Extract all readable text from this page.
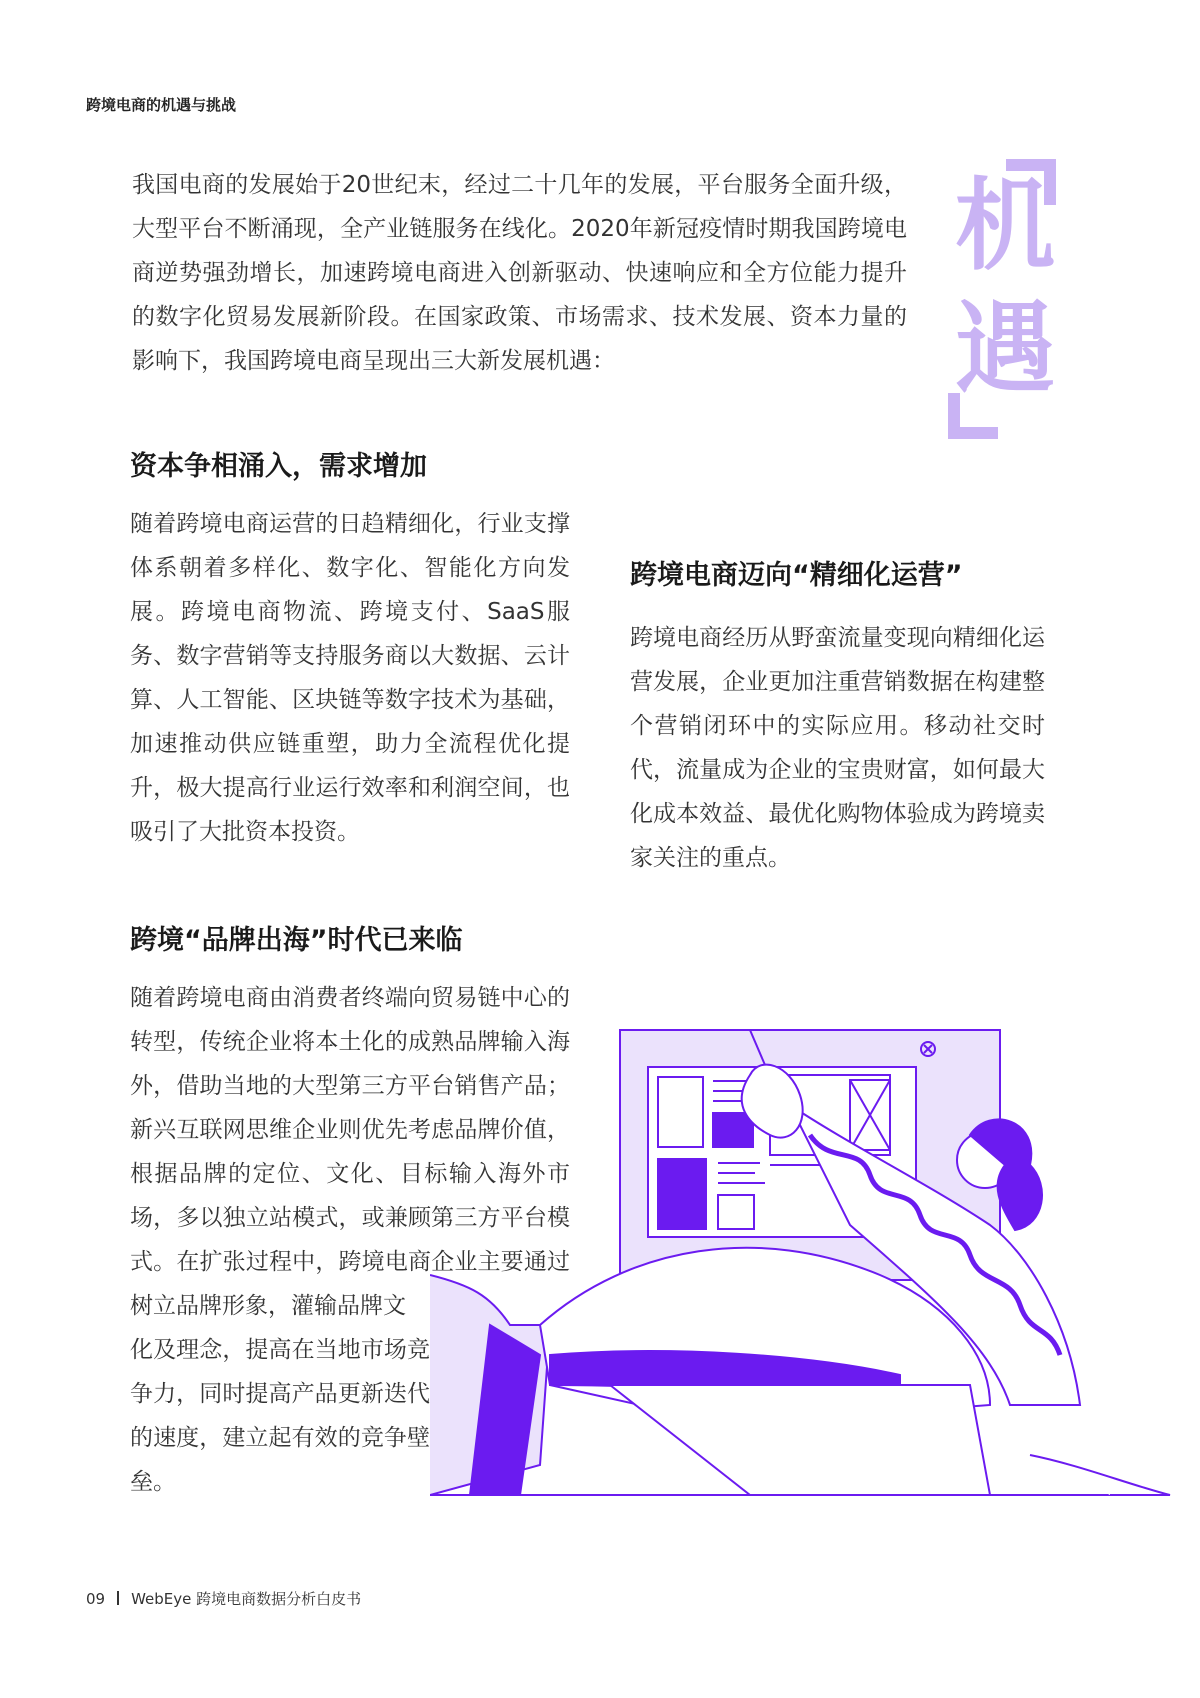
跨境电商的机遇与挑战
我国电商的发展始于20世纪末，经过二十几年的发展，平台服务全面升级，大型平台不断涌现，全产业链服务在线化。2020年新冠疫情时期我国跨境电商逆势强劲增长，加速跨境电商进入创新驱动、快速响应和全方位能力提升的数字化贸易发展新阶段。在国家政策、市场需求、技术发展、资本力量的影响下，我国跨境电商呈现出三大新发展机遇：
机
遇
资本争相涌入，需求增加
随着跨境电商运营的日趋精细化，行业支撑体系朝着多样化、数字化、智能化方向发展。跨境电商物流、跨境支付、SaaS服务、数字营销等支持服务商以大数据、云计算、人工智能、区块链等数字技术为基础，加速推动供应链重塑，助力全流程优化提升，极大提高行业运行效率和利润空间，也吸引了大批资本投资。
跨境电商迈向“精细化运营”
跨境电商经历从野蛮流量变现向精细化运营发展，企业更加注重营销数据在构建整个营销闭环中的实际应用。移动社交时代，流量成为企业的宝贵财富，如何最大化成本效益、最优化购物体验成为跨境卖家关注的重点。
跨境“品牌出海”时代已来临
随着跨境电商由消费者终端向贸易链中心的转型，传统企业将本土化的成熟品牌输入海外，借助当地的大型第三方平台销售产品；新兴互联网思维企业则优先考虑品牌价值，根据品牌的定位、文化、目标输入海外市场，多以独立站模式，或兼顾第三方平台模式。在扩张过程中，跨境电商企业主要通过树立品牌形象，灌输品牌文
化及理念，提高在当地市场竞争力，同时提高产品更新迭代的速度，建立起有效的竞争壁垒。
09 WebEye 跨境电商数据分析白皮书
